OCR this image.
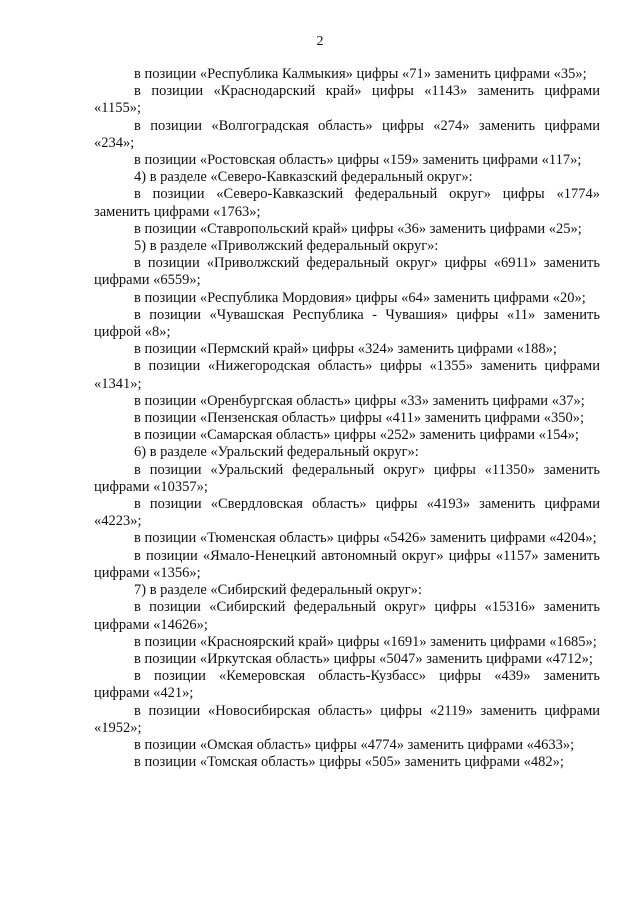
2

в позиции «Республика Калмыкия» цифры «71» заменить цифрами «35»;

в позиции «Краснодарский край» цифры «1143» заменить цифрами «1155»;

в позиции «Волгоградская область» цифры «274» заменить цифрами «234»;

в позиции «Ростовская область» цифры «159» заменить цифрами «117»;

4) в разделе «Северо-Кавказский федеральный округ»:

в позиции «Северо-Кавказский федеральный округ» цифры «1774» заменить цифрами «1763»;

в позиции «Ставропольский край» цифры «36» заменить цифрами «25»;

5) в разделе «Приволжский федеральный округ»:

в позиции «Приволжский федеральный округ» цифры «6911» заменить цифрами «6559»;

в позиции «Республика Мордовия» цифры «64» заменить цифрами «20»;

в позиции «Чувашская Республика - Чувашия» цифры «11» заменить цифрой «8»;

в позиции «Пермский край» цифры «324» заменить цифрами «188»;

в позиции «Нижегородская область» цифры «1355» заменить цифрами «1341»;

в позиции «Оренбургская область» цифры «33» заменить цифрами «37»;

в позиции «Пензенская область» цифры «411» заменить цифрами «350»;

в позиции «Самарская область» цифры «252» заменить цифрами «154»;

6) в разделе «Уральский федеральный округ»:

в позиции «Уральский федеральный округ» цифры «11350» заменить цифрами «10357»;

в позиции «Свердловская область» цифры «4193» заменить цифрами «4223»;

в позиции «Тюменская область» цифры «5426» заменить цифрами «4204»;

в позиции «Ямало-Ненецкий автономный округ» цифры «1157» заменить цифрами «1356»;

7) в разделе «Сибирский федеральный округ»:

в позиции «Сибирский федеральный округ» цифры «15316» заменить цифрами «14626»;

в позиции «Красноярский край» цифры «1691» заменить цифрами «1685»;

в позиции «Иркутская область» цифры «5047» заменить цифрами «4712»;

в позиции «Кемеровская область-Кузбасс» цифры «439» заменить цифрами «421»;

в позиции «Новосибирская область» цифры «2119» заменить цифрами «1952»;

в позиции «Омская область» цифры «4774» заменить цифрами «4633»;

в позиции «Томская область» цифры «505» заменить цифрами «482»;
